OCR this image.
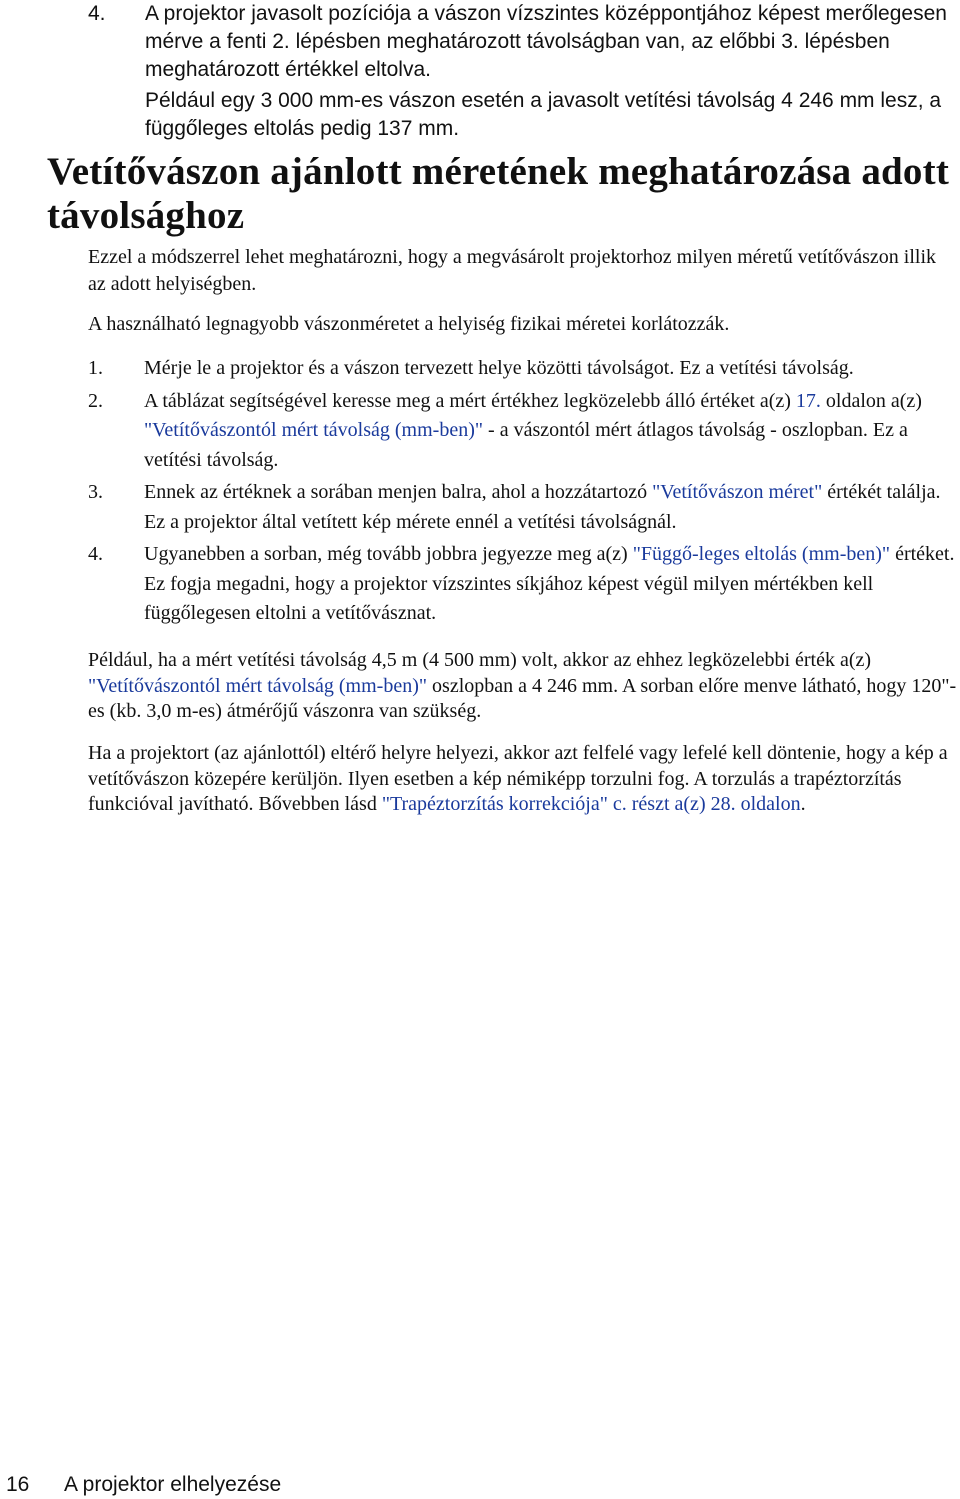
4. A projektor javasolt pozíciója a vászon vízszintes középpontjához képest merőlegesen

mérve a fenti 2. lépésben meghatározott távolságban van, az előbbi 3. lépésben

meghatározott értékkel eltolva.

Például egy 3 000 mm-es vászon esetén a javasolt vetítési távolság 4 246 mm lesz, a

függőleges eltolás pedig 137 mm.

Vetítővászon ajánlott méretének meghatározása adott távolsághoz

Ezzel a módszerrel lehet meghatározni, hogy a megvásárolt projektorhoz milyen méretű vetítővászon illik az adott helyiségben.

A használható legnagyobb vászonméretet a helyiség fizikai méretei korlátozzák.

1. Mérje le a projektor és a vászon tervezett helye közötti távolságot. Ez a vetítési távolság.
2. A táblázat segítségével keresse meg a mért értékhez legközelebb álló értéket a(z) 17. oldalon a(z) "Vetítővászontól mért távolság (mm-ben)" - a vászontól mért átlagos távolság - oszlopban. Ez a vetítési távolság.
3. Ennek az értéknek a sorában menjen balra, ahol a hozzátartozó "Vetítővászon méret" értékét találja. Ez a projektor által vetített kép mérete ennél a vetítési távolságnál.
4. Ugyanebben a sorban, még tovább jobbra jegyezze meg a(z) "Függő-leges eltolás (mm-ben)" értéket. Ez fogja megadni, hogy a projektor vízszintes síkjához képest végül milyen mértékben kell függőlegesen eltolni a vetítővásznat.

Például, ha a mért vetítési távolság 4,5 m (4 500 mm) volt, akkor az ehhez legközelebbi érték a(z) "Vetítővászontól mért távolság (mm-ben)" oszlopban a 4 246 mm. A sorban előre menve látható, hogy 120"-es (kb. 3,0 m-es) átmérőjű vászonra van szükség.

Ha a projektort (az ajánlottól) eltérő helyre helyezi, akkor azt felfelé vagy lefelé kell döntenie, hogy a kép a vetítővászon közepére kerüljön. Ilyen esetben a kép némiképp torzulni fog. A torzulás a trapéztorzítás funkcióval javítható. Bővebben lásd "Trapéztorzítás korrekciója" c. részt a(z) 28. oldalon.

16 A projektor elhelyezése
